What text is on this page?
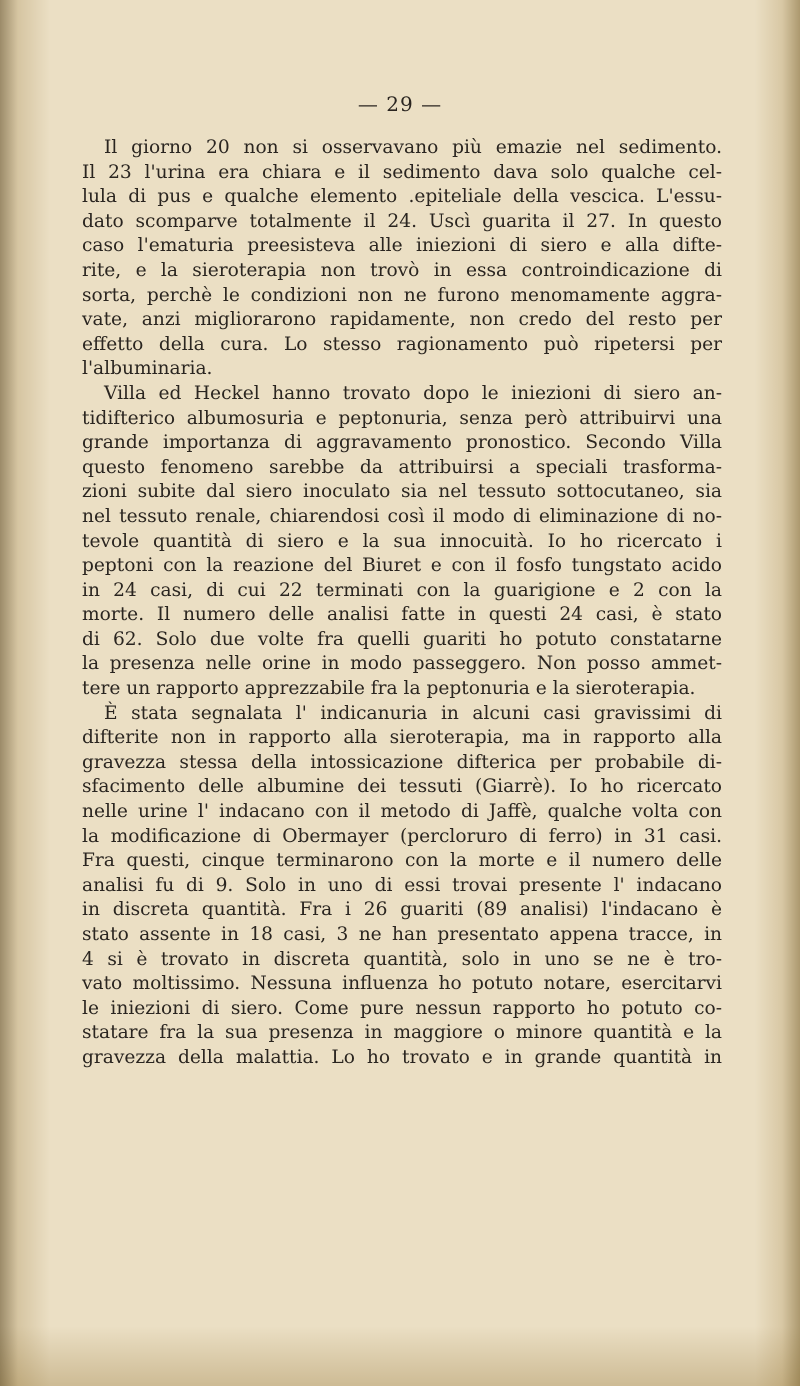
— 29 —
Il giorno 20 non si osservavano più emazie nel sedimento.
Il 23 l'urina era chiara e il sedimento dava solo qualche cel-
lula di pus e qualche elemento .epiteliale della vescica. L'essu-
dato scomparve totalmente il 24. Uscì guarita il 27. In questo
caso l'ematuria preesisteva alle iniezioni di siero e alla difte-
rite, e la sieroterapia non trovò in essa controindicazione di
sorta, perchè le condizioni non ne furono menomamente aggra-
vate, anzi migliorarono rapidamente, non credo del resto per
effetto della cura. Lo stesso ragionamento può ripetersi per
l'albuminaria.
Villa ed Heckel hanno trovato dopo le iniezioni di siero an-
tidifterico albumosuria e peptonuria, senza però attribuirvi una
grande importanza di aggravamento pronostico. Secondo Villa
questo fenomeno sarebbe da attribuirsi a speciali trasforma-
zioni subite dal siero inoculato sia nel tessuto sottocutaneo, sia
nel tessuto renale, chiarendosi così il modo di eliminazione di no-
tevole quantità di siero e la sua innocuità. Io ho ricercato i
peptoni con la reazione del Biuret e con il fosfo tungstato acido
in 24 casi, di cui 22 terminati con la guarigione e 2 con la
morte. Il numero delle analisi fatte in questi 24 casi, è stato
di 62. Solo due volte fra quelli guariti ho potuto constatarne
la presenza nelle orine in modo passeggero. Non posso ammet-
tere un rapporto apprezzabile fra la peptonuria e la sieroterapia.
È stata segnalata l' indicanuria in alcuni casi gravissimi di
difterite non in rapporto alla sieroterapia, ma in rapporto alla
gravezza stessa della intossicazione difterica per probabile di-
sfacimento delle albumine dei tessuti (Giarrè). Io ho ricercato
nelle urine l' indacano con il metodo di Jaffè, qualche volta con
la modificazione di Obermayer (percloruro di ferro) in 31 casi.
Fra questi, cinque terminarono con la morte e il numero delle
analisi fu di 9. Solo in uno di essi trovai presente l' indacano
in discreta quantità. Fra i 26 guariti (89 analisi) l'indacano è
stato assente in 18 casi, 3 ne han presentato appena tracce, in
4 si è trovato in discreta quantità, solo in uno se ne è tro-
vato moltissimo. Nessuna influenza ho potuto notare, esercitarvi
le iniezioni di siero. Come pure nessun rapporto ho potuto co-
statare fra la sua presenza in maggiore o minore quantità e la
gravezza della malattia. Lo ho trovato e in grande quantità in
